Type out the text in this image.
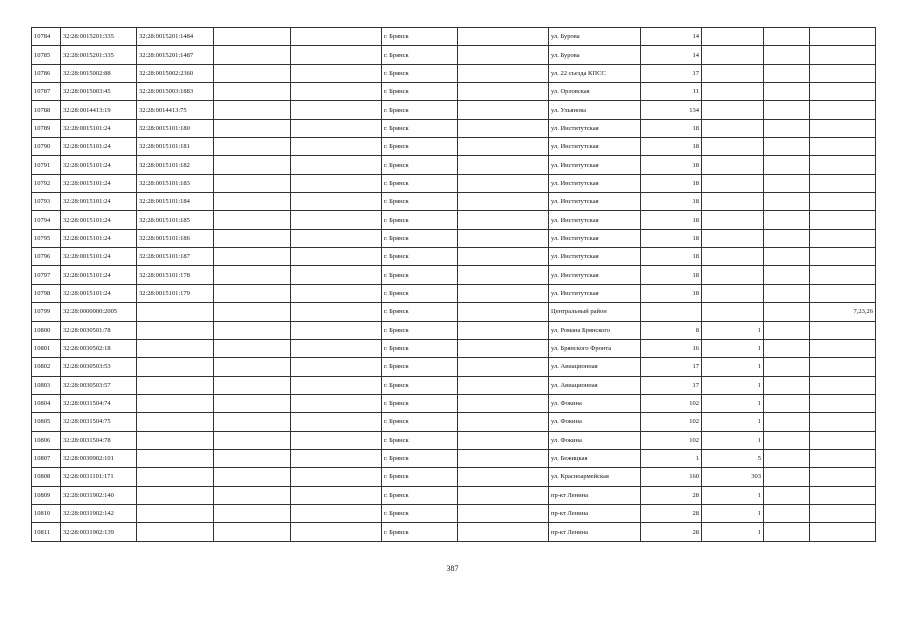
10784	32:28:0015201:335	32:28:0015201:1484			г. Брянск		ул. Бурова	14			
10785	32:28:0015201:335	32:28:0015201:1487			г. Брянск		ул. Бурова	14			
10786	32:28:0015002:88	32:28:0015002:2360			г. Брянск		ул. 22 съезда КПСС	17			
10787	32:28:0015003:45	32:28:0015003:1883			г. Брянск		ул. Орловская	11			
10788	32:28:0014413:19	32:28:0014413:75			г. Брянск		ул. Ульянова	134			
10789	32:28:0015101:24	32:28:0015101:180			г. Брянск		ул. Институтская	18			
10790	32:28:0015101:24	32:28:0015101:181			г. Брянск		ул. Институтская	18			
10791	32:28:0015101:24	32:28:0015101:182			г. Брянск		ул. Институтская	18			
10792	32:28:0015101:24	32:28:0015101:183			г. Брянск		ул. Институтская	18			
10793	32:28:0015101:24	32:28:0015101:184			г. Брянск		ул. Институтская	18			
10794	32:28:0015101:24	32:28:0015101:185			г. Брянск		ул. Институтская	18			
10795	32:28:0015101:24	32:28:0015101:186			г. Брянск		ул. Институтская	18			
10796	32:28:0015101:24	32:28:0015101:187			г. Брянск		ул. Институтская	18			
10797	32:28:0015101:24	32:28:0015101:178			г. Брянск		ул. Институтская	18			
10798	32:28:0015101:24	32:28:0015101:179			г. Брянск		ул. Институтская	18			
10799	32:28:0000000:2005				г. Брянск		Центральный район				7,23,26
10800	32:28:0030501:78				г. Брянск		ул. Романа Брянского	8	1		
10801	32:28:0030502:18				г. Брянск		ул. Брянского Фронта	16	1		
10802	32:28:0030503:53				г. Брянск		ул. Авиационная	17	1		
10803	32:28:0030503:57				г. Брянск		ул. Авиационная	17	1		
10804	32:28:0031504:74				г. Брянск		ул. Фокина	102	1		
10805	32:28:0031504:75				г. Брянск		ул. Фокина	102	1		
10806	32:28:0031504:78				г. Брянск		ул. Фокина	102	1		
10807	32:28:0030902:101				г. Брянск		ул. Бежицкая	1	5		
10808	32:28:0031101:171				г. Брянск		ул. Красноармейская	160	303		
10809	32:28:0031902:140				г. Брянск		пр-кт Ленина	28	1		
10810	32:28:0031902:142				г. Брянск		пр-кт Ленина	28	1		
10811	32:28:0031902:139				г. Брянск		пр-кт Ленина	28	1		
387
